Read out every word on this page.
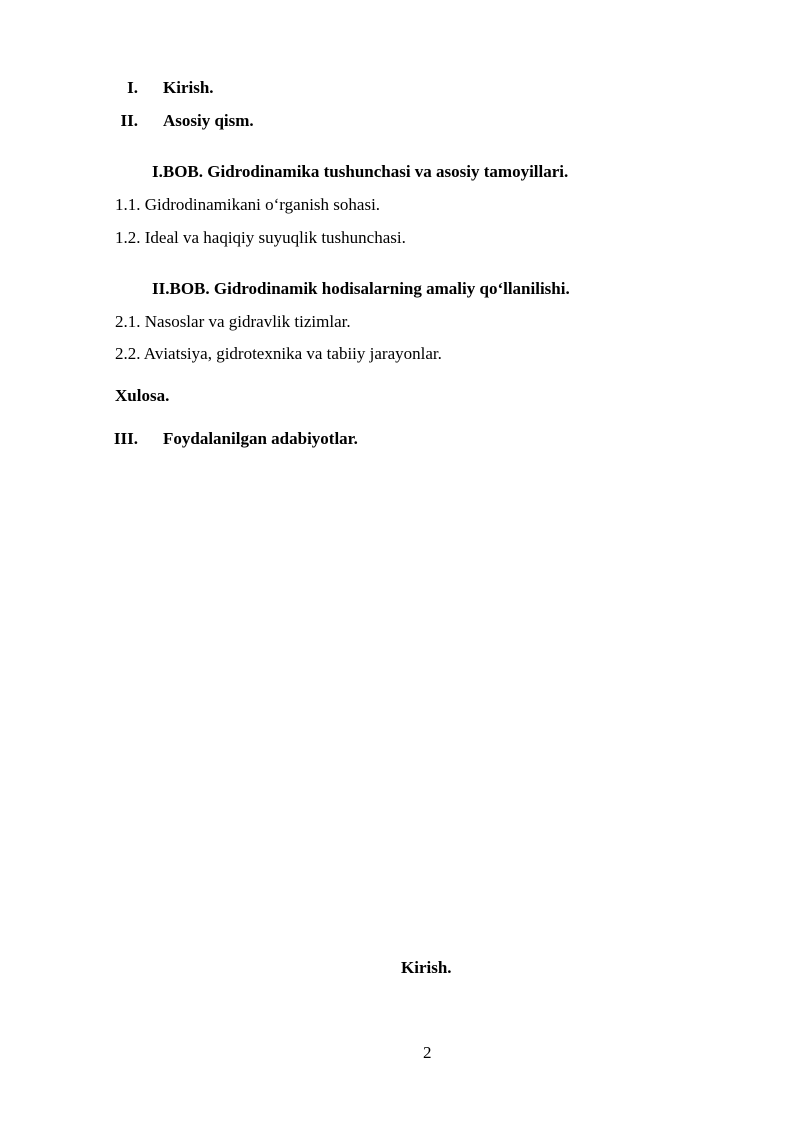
I. Kirish.
II. Asosiy qism.
I.BOB. Gidrodinamika tushunchasi va asosiy tamoyillari.
1.1. Gidrodinamikani o‘rganish sohasi.
1.2. Ideal va haqiqiy suyuqlik tushunchasi.
II.BOB. Gidrodinamik hodisalarning amaliy qo‘llanilishi.
2.1. Nasoslar va gidravlik tizimlar.
2.2. Aviatsiya, gidrotexnika va tabiiy jarayonlar.
Xulosa.
III. Foydalanilgan adabiyotlar.
Kirish.
2
